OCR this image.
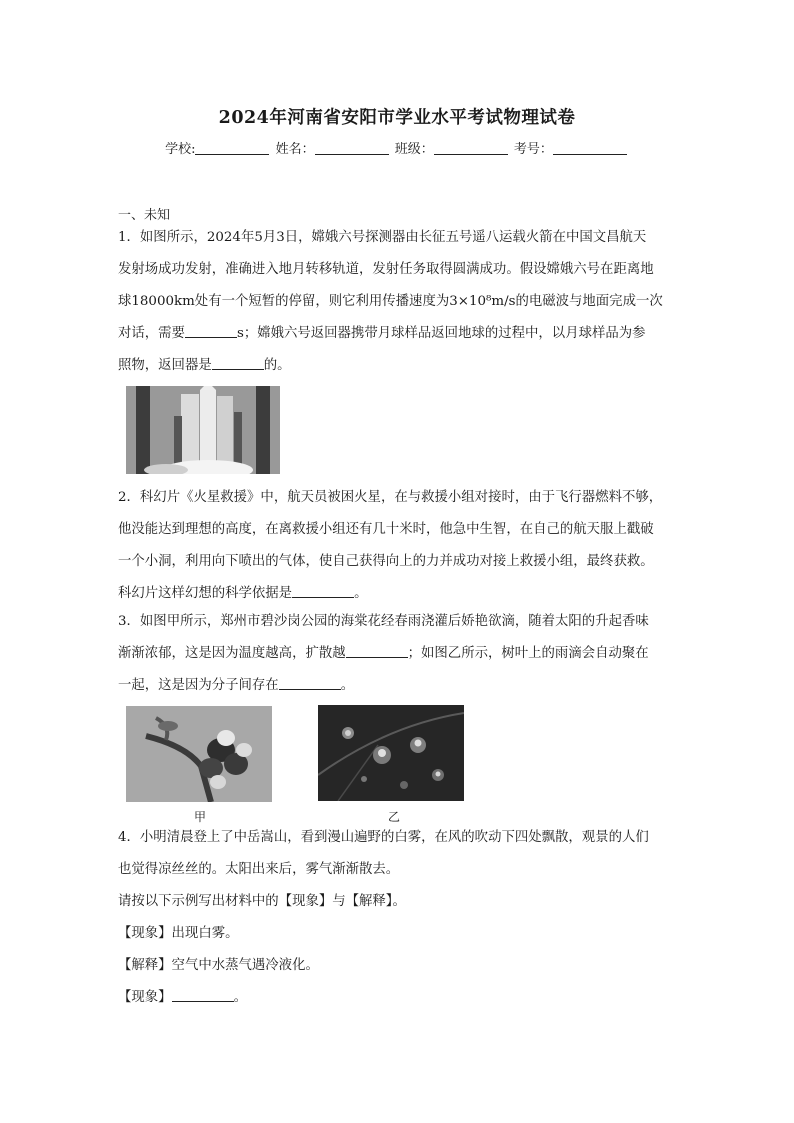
2024年河南省安阳市学业水平考试物理试卷
学校:	姓名：	班级：	考号：
一、未知
1．如图所示，2024年5月3日，嫦娥六号探测器由长征五号遥八运载火箭在中国文昌航天
发射场成功发射，准确进入地月转移轨道，发射任务取得圆满成功。假设嫦娥六号在距离地
球18000km处有一个短暂的停留，则它利用传播速度为3×10⁸m/s的电磁波与地面完成一次
对话，需要	s；嫦娥六号返回器携带月球样品返回地球的过程中，以月球样品为参
照物，返回器是	的。
2．科幻片《火星救援》中，航天员被困火星，在与救援小组对接时，由于飞行器燃料不够，
他没能达到理想的高度，在离救援小组还有几十米时，他急中生智，在自己的航天服上戳破
一个小洞，利用向下喷出的气体，使自己获得向上的力并成功对接上救援小组，最终获救。
科幻片这样幻想的科学依据是	。
3．如图甲所示，郑州市碧沙岗公园的海棠花经春雨浇灌后娇艳欲滴，随着太阳的升起香味
渐渐浓郁，这是因为温度越高，扩散越	；如图乙所示，树叶上的雨滴会自动聚在
一起，这是因为分子间存在	。
甲	乙
4．小明清晨登上了中岳嵩山，看到漫山遍野的白雾，在风的吹动下四处飘散，观景的人们
也觉得凉丝丝的。太阳出来后，雾气渐渐散去。
请按以下示例写出材料中的【现象】与【解释】。
【现象】出现白雾。
【解释】空气中水蒸气遇冷液化。
【现象】	。
